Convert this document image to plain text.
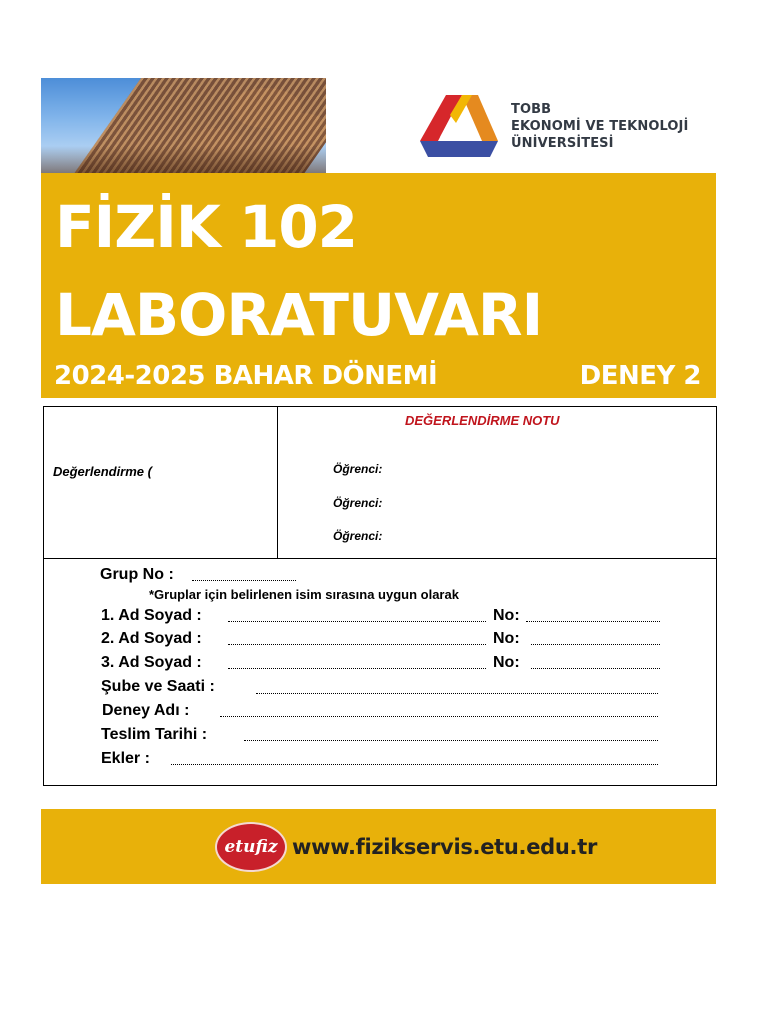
TOBB
EKONOMİ VE TEKNOLOJİ
ÜNİVERSİTESİ
FİZİK 102
LABORATUVARI
2024-2025 BAHAR DÖNEMİ	DENEY 2
Değerlendirme (
DEĞERLENDİRME NOTU
Öğrenci:
Öğrenci:
Öğrenci:
Grup No :
*Gruplar için belirlenen isim sırasına uygun olarak
1. Ad Soyad :	No:
2. Ad Soyad :	No:
3. Ad Soyad :	No:
Şube ve Saati :
Deney Adı :
Teslim Tarihi :
Ekler :
etufiz www.fizikservis.etu.edu.tr
